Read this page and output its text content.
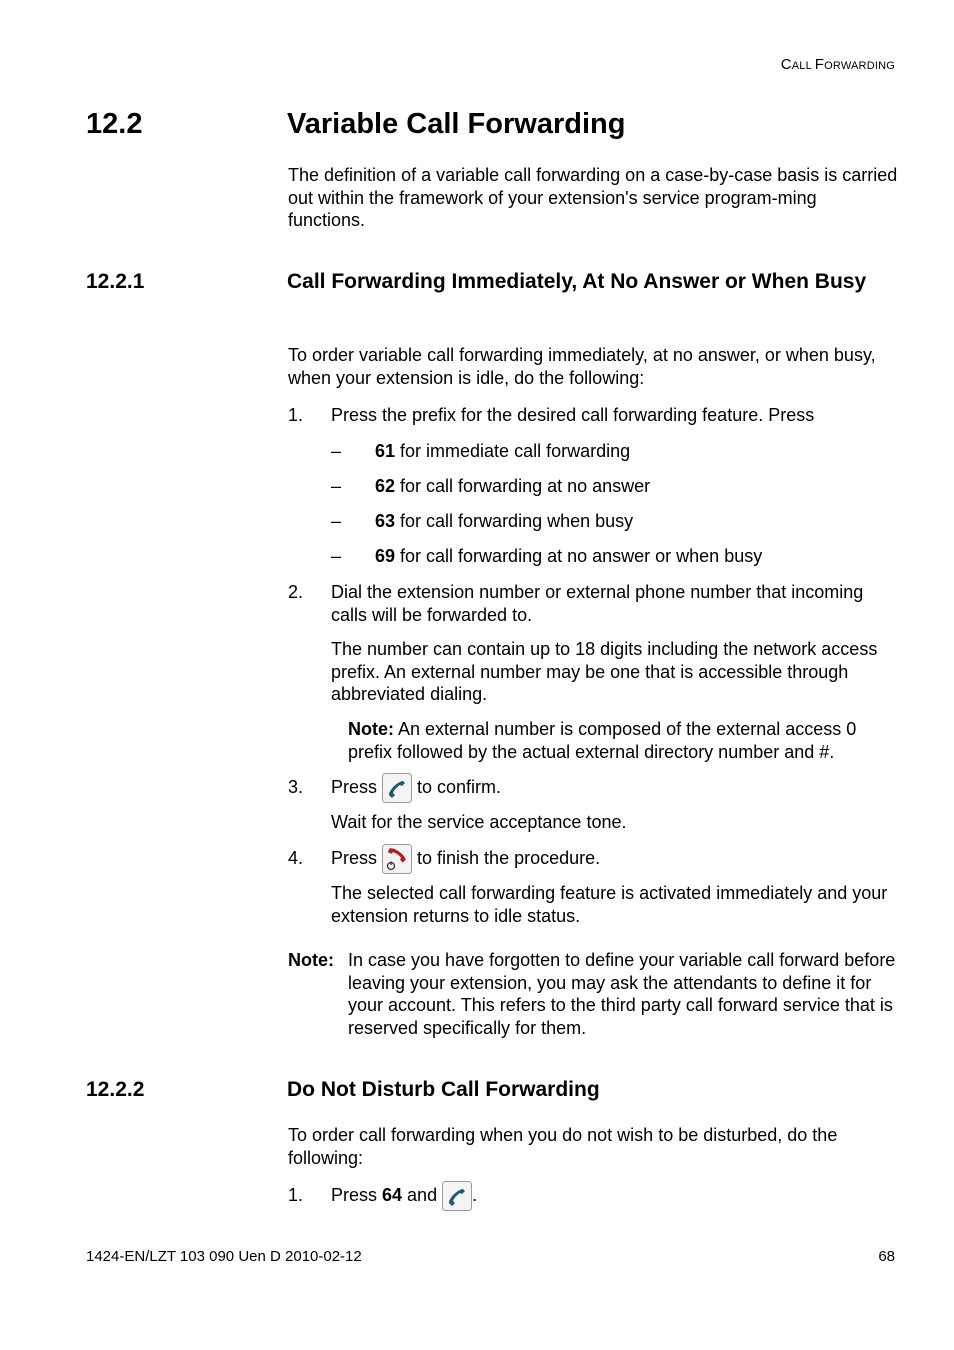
CALL FORWARDING
12.2	Variable Call Forwarding
The definition of a variable call forwarding on a case-by-case basis is carried out within the framework of your extension's service program-ming functions.
12.2.1	Call Forwarding Immediately, At No Answer or When Busy
To order variable call forwarding immediately, at no answer, or when busy, when your extension is idle, do the following:
1. Press the prefix for the desired call forwarding feature. Press
– 61 for immediate call forwarding
– 62 for call forwarding at no answer
– 63 for call forwarding when busy
– 69 for call forwarding at no answer or when busy
2. Dial the extension number or external phone number that incoming calls will be forwarded to.
The number can contain up to 18 digits including the network access prefix. An external number may be one that is accessible through abbreviated dialing.
Note: An external number is composed of the external access 0 prefix followed by the actual external directory number and #.
3. Press  to confirm.
Wait for the service acceptance tone.
4. Press  to finish the procedure.
The selected call forwarding feature is activated immediately and your extension returns to idle status.
Note: In case you have forgotten to define your variable call forward before leaving your extension, you may ask the attendants to define it for your account. This refers to the third party call forward service that is reserved specifically for them.
12.2.2	Do Not Disturb Call Forwarding
To order call forwarding when you do not wish to be disturbed, do the following:
1. Press 64 and .
1424-EN/LZT 103 090 Uen D 2010-02-12	68
